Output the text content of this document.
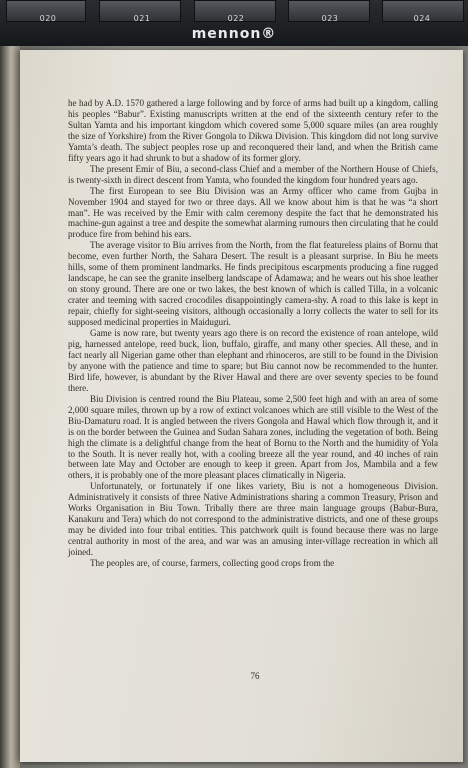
020	021	022	023	024
mennon®

he had by A.D. 1570 gathered a large following and by force of arms had built up a kingdom, calling his peoples “Babur”. Existing manuscripts written at the end of the sixteenth century refer to the Sultan Yamta and his important kingdom which covered some 5,000 square miles (an area roughly the size of Yorkshire) from the River Gongola to Dikwa Division. This kingdom did not long survive Yamta’s death. The subject peoples rose up and reconquered their land, and when the British came fifty years ago it had shrunk to but a shadow of its former glory.

The present Emir of Biu, a second-class Chief and a member of the Northern House of Chiefs, is twenty-sixth in direct descent from Yamta, who founded the kingdom four hundred years ago.

The first European to see Biu Division was an Army officer who came from Gujba in November 1904 and stayed for two or three days. All we know about him is that he was “a short man”. He was received by the Emir with calm ceremony despite the fact that he demonstrated his machine-gun against a tree and despite the somewhat alarming rumours then circulating that he could produce fire from behind his ears.

The average visitor to Biu arrives from the North, from the flat featureless plains of Bornu that become, even further North, the Sahara Desert. The result is a pleasant surprise. In Biu he meets hills, some of them prominent landmarks. He finds precipitous escarpments producing a fine rugged landscape, he can see the granite inselberg landscape of Adamawa; and he wears out his shoe leather on stony ground. There are one or two lakes, the best known of which is called Tilla, in a volcanic crater and teeming with sacred crocodiles disappointingly camera-shy. A road to this lake is kept in repair, chiefly for sight-seeing visitors, although occasionally a lorry collects the water to sell for its supposed medicinal properties in Maiduguri.

Game is now rare, but twenty years ago there is on record the existence of roan antelope, wild pig, harnessed antelope, reed buck, lion, buffalo, giraffe, and many other species. All these, and in fact nearly all Nigerian game other than elephant and rhinoceros, are still to be found in the Division by anyone with the patience and time to spare; but Biu cannot now be recommended to the hunter. Bird life, however, is abundant by the River Hawal and there are over seventy species to be found there.

Biu Division is centred round the Biu Plateau, some 2,500 feet high and with an area of some 2,000 square miles, thrown up by a row of extinct volcanoes which are still visible to the West of the Biu-Damaturu road. It is angled between the rivers Gongola and Hawal which flow through it, and it is on the border between the Guinea and Sudan Sahara zones, including the vegetation of both. Being high the climate is a delightful change from the heat of Bornu to the North and the humidity of Yola to the South. It is never really hot, with a cooling breeze all the year round, and 40 inches of rain between late May and October are enough to keep it green. Apart from Jos, Mambila and a few others, it is probably one of the more pleasant places climatically in Nigeria.

Unfortunately, or fortunately if one likes variety, Biu is not a homogeneous Division. Administratively it consists of three Native Administrations sharing a common Treasury, Prison and Works Organisation in Biu Town. Tribally there are three main language groups (Babur-Bura, Kanakuru and Tera) which do not correspond to the administrative districts, and one of these groups may be divided into four tribal entities. This patchwork quilt is found because there was no large central authority in most of the area, and war was an amusing inter-village recreation in which all joined.

The peoples are, of course, farmers, collecting good crops from the

76
